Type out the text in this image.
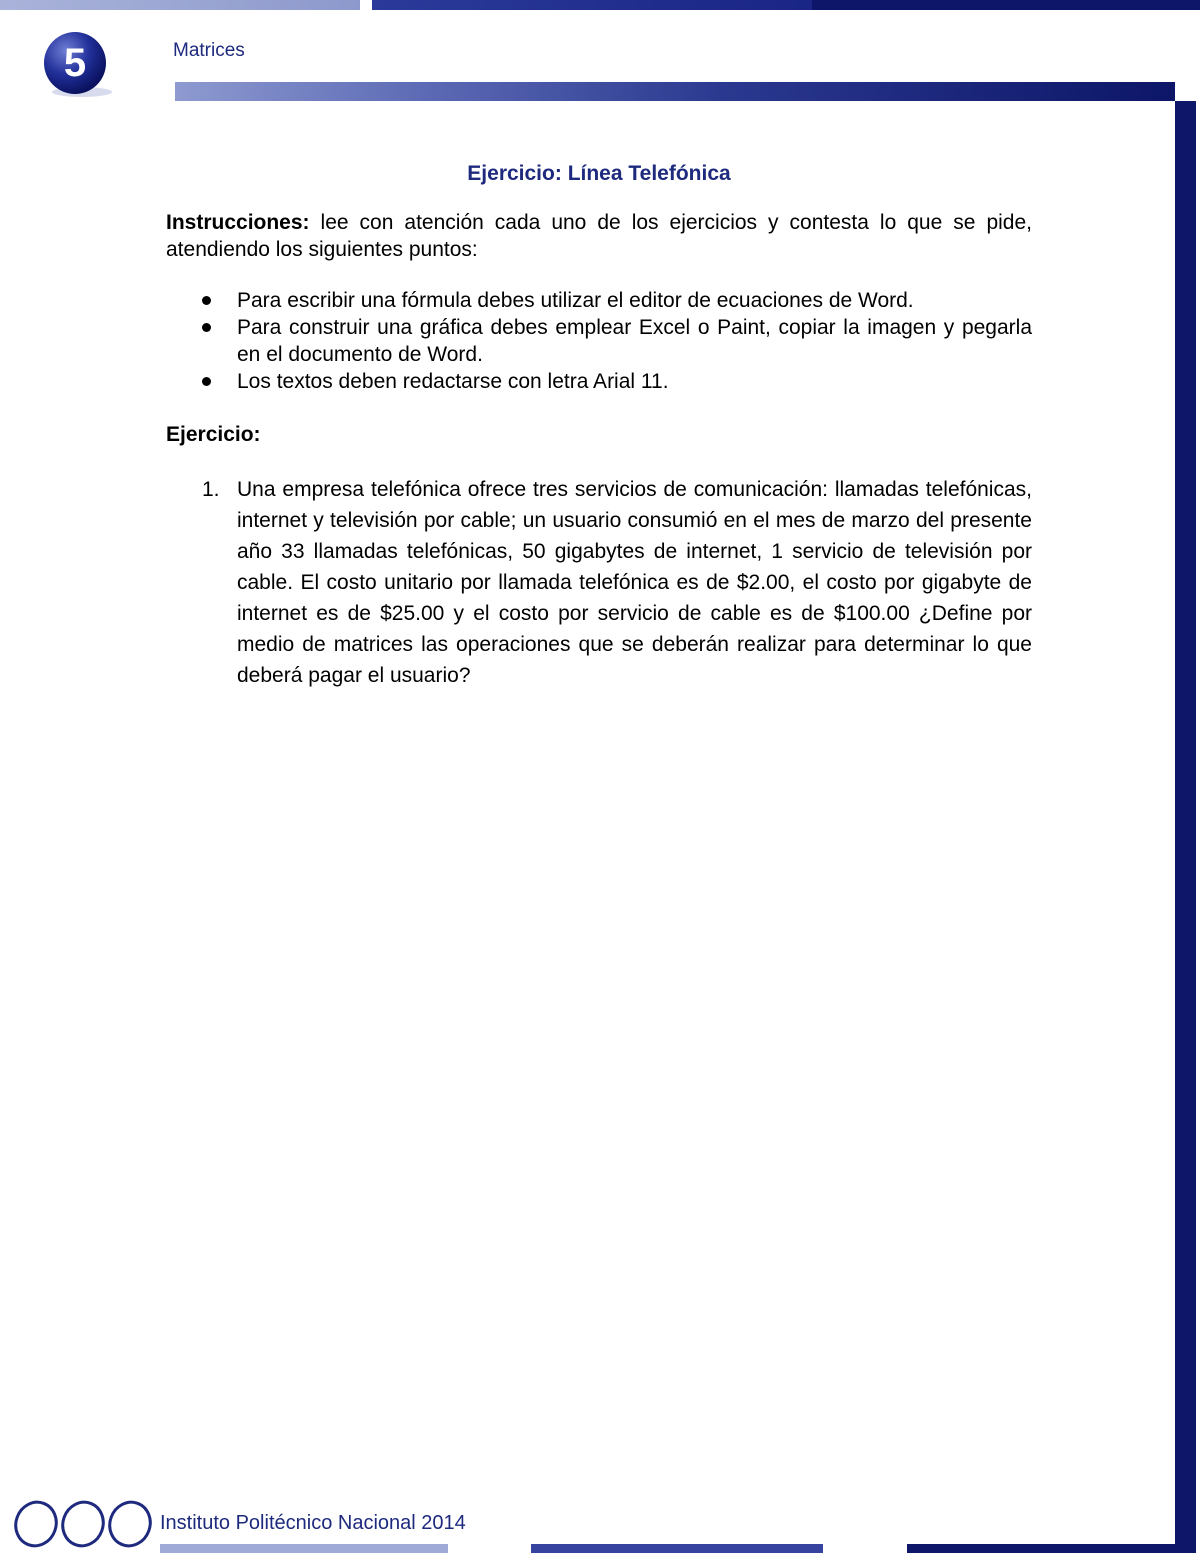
5	Matrices
Ejercicio: Línea Telefónica

Instrucciones: lee con atención cada uno de los ejercicios y contesta lo que se pide, atendiendo los siguientes puntos:

Para escribir una fórmula debes utilizar el editor de ecuaciones de Word.
Para construir una gráfica debes emplear Excel o Paint, copiar la imagen y pegarla en el documento de Word.
Los textos deben redactarse con letra Arial 11.
Ejercicio:
1. Una empresa telefónica ofrece tres servicios de comunicación: llamadas telefónicas, internet y televisión por cable; un usuario consumió en el mes de marzo del presente año 33 llamadas telefónicas, 50 gigabytes de internet, 1 servicio de televisión por cable. El costo unitario por llamada telefónica es de $2.00, el costo por gigabyte de internet es de $25.00 y el costo por servicio de cable es de $100.00 ¿Define por medio de matrices las operaciones que se deberán realizar para determinar lo que deberá pagar el usuario?
Instituto Politécnico Nacional 2014
